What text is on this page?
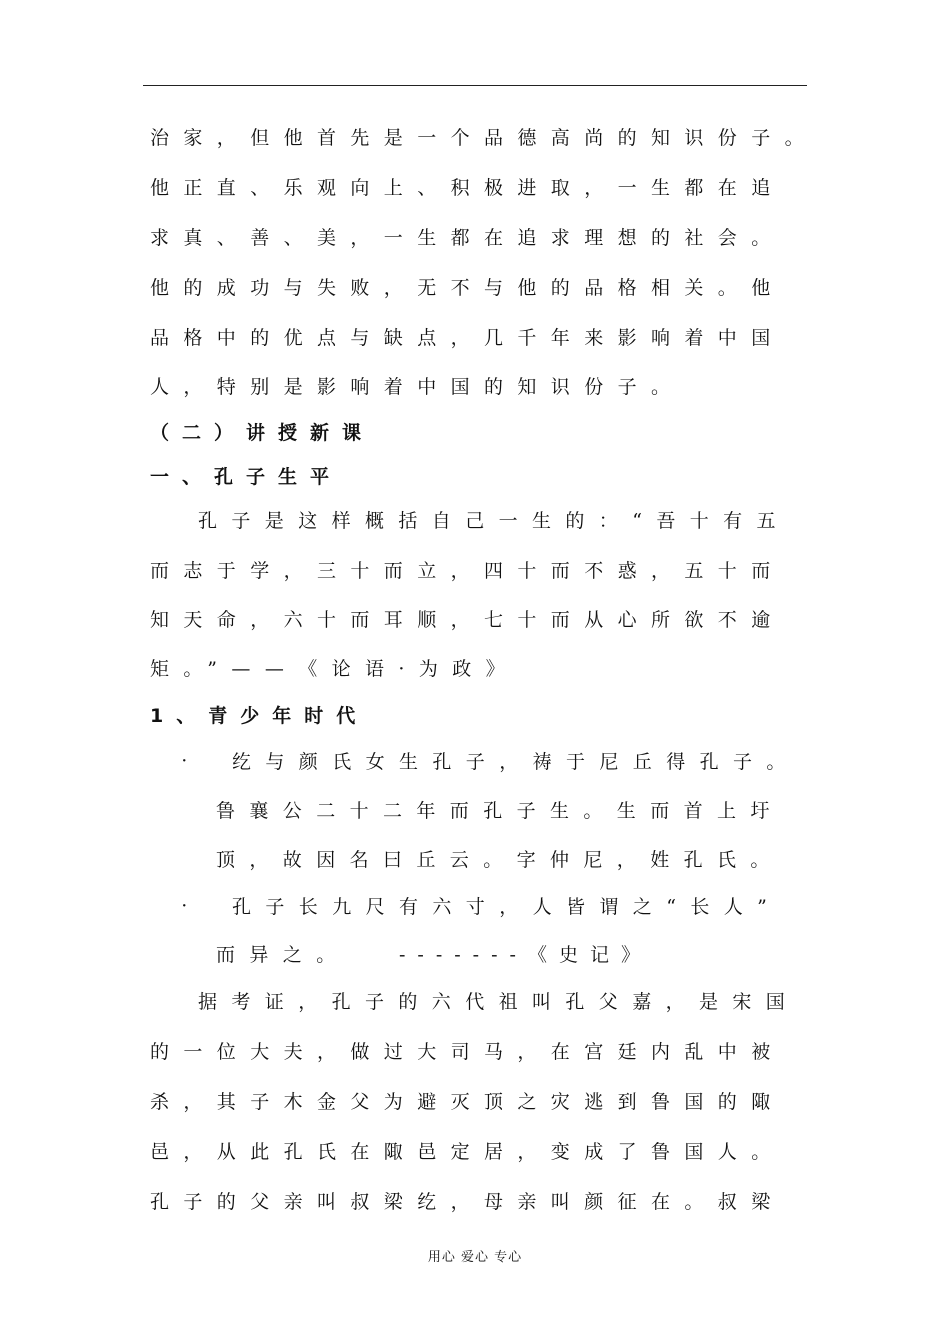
治家，但他首先是一个品德高尚的知识份子。
他正直、乐观向上、积极进取，一生都在追
求真、善、美，一生都在追求理想的社会。
他的成功与失败，无不与他的品格相关。他
品格中的优点与缺点，几千年来影响着中国
人，特别是影响着中国的知识份子。
（二）讲授新课
一、孔子生平
孔子是这样概括自己一生的：“吾十有五
而志于学，三十而立，四十而不惑，五十而
知天命，六十而耳顺，七十而从心所欲不逾
矩。”——《论语·为政》
1、青少年时代
· 纥与颜氏女生孔子，祷于尼丘得孔子。
鲁襄公二十二年而孔子生。生而首上圩
顶，故因名曰丘云。字仲尼，姓孔氏。
· 孔子长九尺有六寸，人皆谓之“长人”
而异之。	-------《史记》
据考证，孔子的六代祖叫孔父嘉，是宋国
的一位大夫，做过大司马，在宫廷内乱中被
杀，其子木金父为避灭顶之灾逃到鲁国的陬
邑，从此孔氏在陬邑定居，变成了鲁国人。
孔子的父亲叫叔梁纥，母亲叫颜征在。叔梁
用心 爱心 专心
